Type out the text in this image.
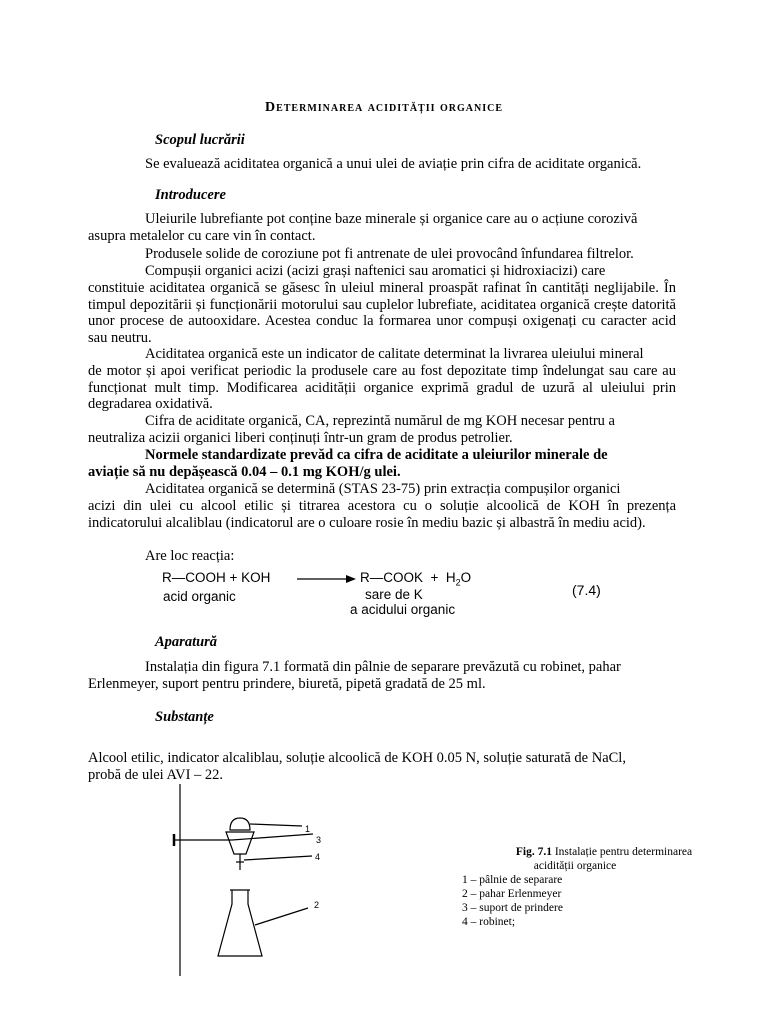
Determinarea acidității organice
Scopul lucrării

Se evaluează aciditatea organică a unui ulei de aviație prin cifra de aciditate organică.

Introducere

Uleiurile lubrefiante pot conține baze minerale și organice care au o acțiune corozivă

asupra metalelor cu care vin în contact.

Produsele solide de coroziune pot fi antrenate de ulei provocând înfundarea filtrelor.

Compușii organici acizi (acizi grași naftenici sau aromatici și hidroxiacizi) care

constituie aciditatea organică se găsesc în uleiul mineral proaspăt rafinat în cantități neglijabile. În timpul depozitării și funcționării motorului sau cuplelor lubrefiate, aciditatea organică crește datorită unor procese de autooxidare. Acestea conduc la formarea unor compuși oxigenați cu caracter acid sau neutru.

Aciditatea organică este un indicator de calitate determinat la livrarea uleiului mineral

de motor și apoi verificat periodic la produsele care au fost depozitate timp îndelungat sau care au funcționat mult timp. Modificarea acidității organice exprimă gradul de uzură al uleiului prin degradarea oxidativă.

Cifra de aciditate organică, CA, reprezintă numărul de mg KOH necesar pentru a

neutraliza acizii organici liberi conținuți într-un gram de produs petrolier.

Normele standardizate prevăd ca cifra de aciditate a uleiurilor minerale de

aviație să nu depășească 0.04 – 0.1 mg KOH/g ulei.

Aciditatea organică se determină (STAS 23-75) prin extracția compușilor organici

acizi din ulei cu alcool etilic și titrarea acestora cu o soluție alcoolică de KOH în prezența indicatorului alcaliblau (indicatorul are o culoare rosie în mediu bazic și albastră în mediu acid).

Are loc reacția:

R—COOH + KOH → R—COOK  +  $H_2O$
acid organic	sare de K
a acidului organic
(7.4)
Aparatură

Instalația din figura 7.1 formată din pâlnie de separare prevăzută cu robinet, pahar

Erlenmeyer, suport pentru prindere, biuretă, pipetă gradată de 25 ml.

Substanțe

Alcool etilic, indicator alcaliblau, soluție alcoolică de KOH 0.05 N, soluție saturată de NaCl,

probă de ulei AVI – 22.

1
3
4
2
Fig. 7.1 Instalație pentru determinarea
acidității organice
1 – pâlnie de separare
2 – pahar Erlenmeyer
3 – suport de prindere
4 – robinet;
